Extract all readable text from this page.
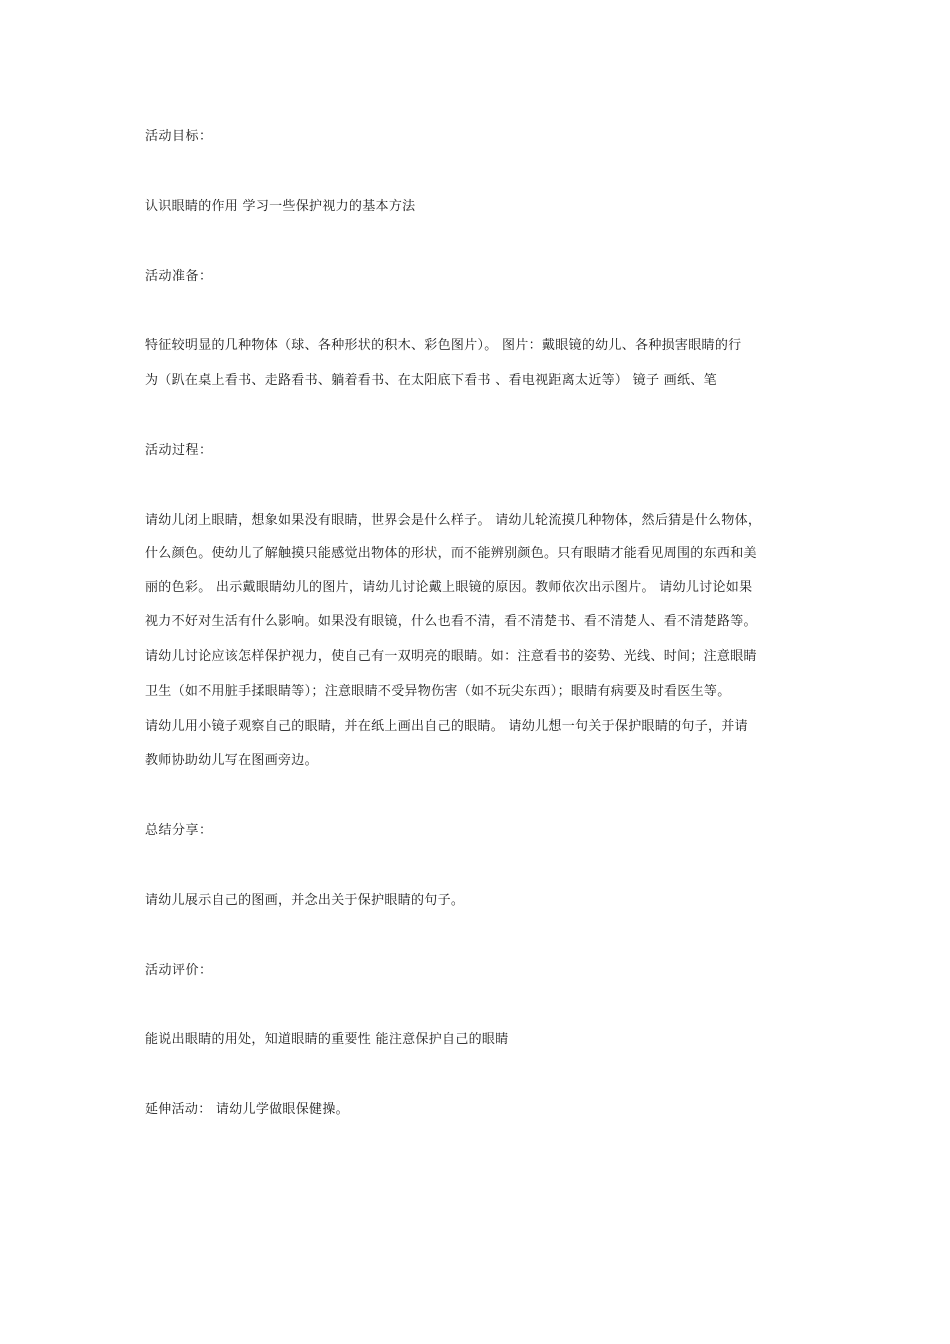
活动目标：

认识眼睛的作用 学习一些保护视力的基本方法

活动准备：

特征较明显的几种物体（球、各种形状的积木、彩色图片）。 图片：戴眼镜的幼儿、各种损害眼睛的行

为（趴在桌上看书、走路看书、躺着看书、在太阳底下看书 、看电视距离太近等） 镜子 画纸、笔

活动过程：

请幼儿闭上眼睛，想象如果没有眼睛，世界会是什么样子。 请幼儿轮流摸几种物体，然后猜是什么物体，

什么颜色。使幼儿了解触摸只能感觉出物体的形状，而不能辨别颜色。只有眼睛才能看见周围的东西和美

丽的色彩。 出示戴眼睛幼儿的图片，请幼儿讨论戴上眼镜的原因。教师依次出示图片。 请幼儿讨论如果

视力不好对生活有什么影响。如果没有眼镜，什么也看不清，看不清楚书、看不清楚人、看不清楚路等。

请幼儿讨论应该怎样保护视力，使自己有一双明亮的眼睛。如：注意看书的姿势、光线、时间；注意眼睛

卫生（如不用脏手揉眼睛等）；注意眼睛不受异物伤害（如不玩尖东西）；眼睛有病要及时看医生等。

请幼儿用小镜子观察自己的眼睛，并在纸上画出自己的眼睛。 请幼儿想一句关于保护眼睛的句子，并请

教师协助幼儿写在图画旁边。

总结分享：

请幼儿展示自己的图画，并念出关于保护眼睛的句子。

活动评价：

能说出眼睛的用处，知道眼睛的重要性 能注意保护自己的眼睛

延伸活动： 请幼儿学做眼保健操。
